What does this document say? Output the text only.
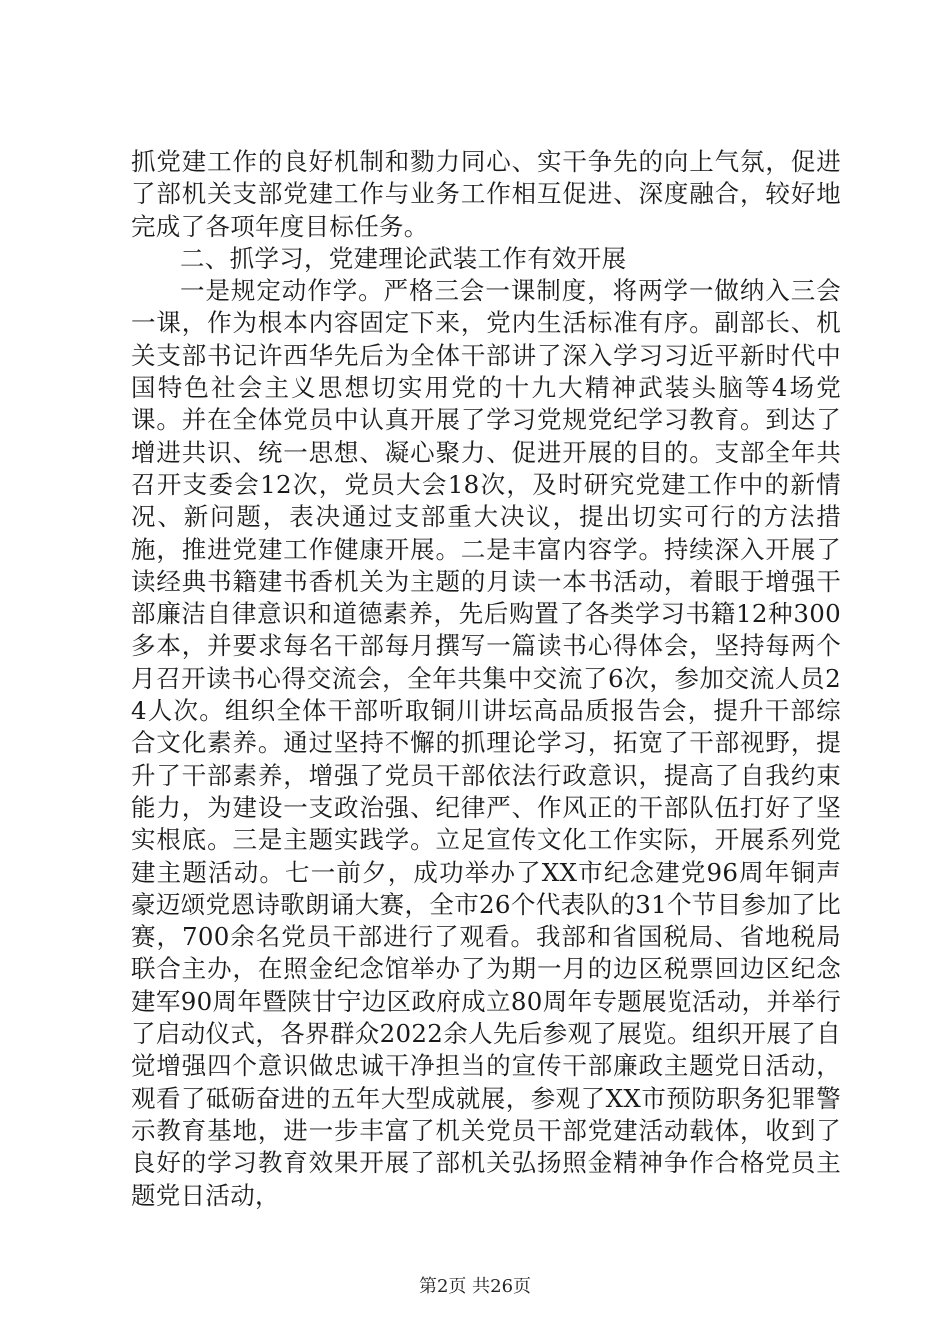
抓党建工作的良好机制和勠力同心、实干争先的向上气氛，促进了部机关支部党建工作与业务工作相互促进、深度融合，较好地完成了各项年度目标任务。

二、抓学习，党建理论武装工作有效开展

一是规定动作学。严格三会一课制度，将两学一做纳入三会一课，作为根本内容固定下来，党内生活标准有序。副部长、机关支部书记许西华先后为全体干部讲了深入学习习近平新时代中国特色社会主义思想切实用党的十九大精神武装头脑等4场党课。并在全体党员中认真开展了学习党规党纪学习教育。到达了增进共识、统一思想、凝心聚力、促进开展的目的。支部全年共召开支委会12次，党员大会18次，及时研究党建工作中的新情况、新问题，表决通过支部重大决议，提出切实可行的方法措施，推进党建工作健康开展。二是丰富内容学。持续深入开展了读经典书籍建书香机关为主题的月读一本书活动，着眼于增强干部廉洁自律意识和道德素养，先后购置了各类学习书籍12种300多本，并要求每名干部每月撰写一篇读书心得体会，坚持每两个月召开读书心得交流会，全年共集中交流了6次，参加交流人员24人次。组织全体干部听取铜川讲坛高品质报告会，提升干部综合文化素养。通过坚持不懈的抓理论学习，拓宽了干部视野，提升了干部素养，增强了党员干部依法行政意识，提高了自我约束能力，为建设一支政治强、纪律严、作风正的干部队伍打好了坚实根底。三是主题实践学。立足宣传文化工作实际，开展系列党建主题活动。七一前夕，成功举办了XX市纪念建党96周年铜声豪迈颂党恩诗歌朗诵大赛，全市26个代表队的31个节目参加了比赛，700余名党员干部进行了观看。我部和省国税局、省地税局联合主办，在照金纪念馆举办了为期一月的边区税票回边区纪念建军90周年暨陕甘宁边区政府成立80周年专题展览活动，并举行了启动仪式，各界群众2022余人先后参观了展览。组织开展了自觉增强四个意识做忠诚干净担当的宣传干部廉政主题党日活动，观看了砥砺奋进的五年大型成就展，参观了XX市预防职务犯罪警示教育基地，进一步丰富了机关党员干部党建活动载体，收到了良好的学习教育效果开展了部机关弘扬照金精神争作合格党员主题党日活动，

第2页 共26页
